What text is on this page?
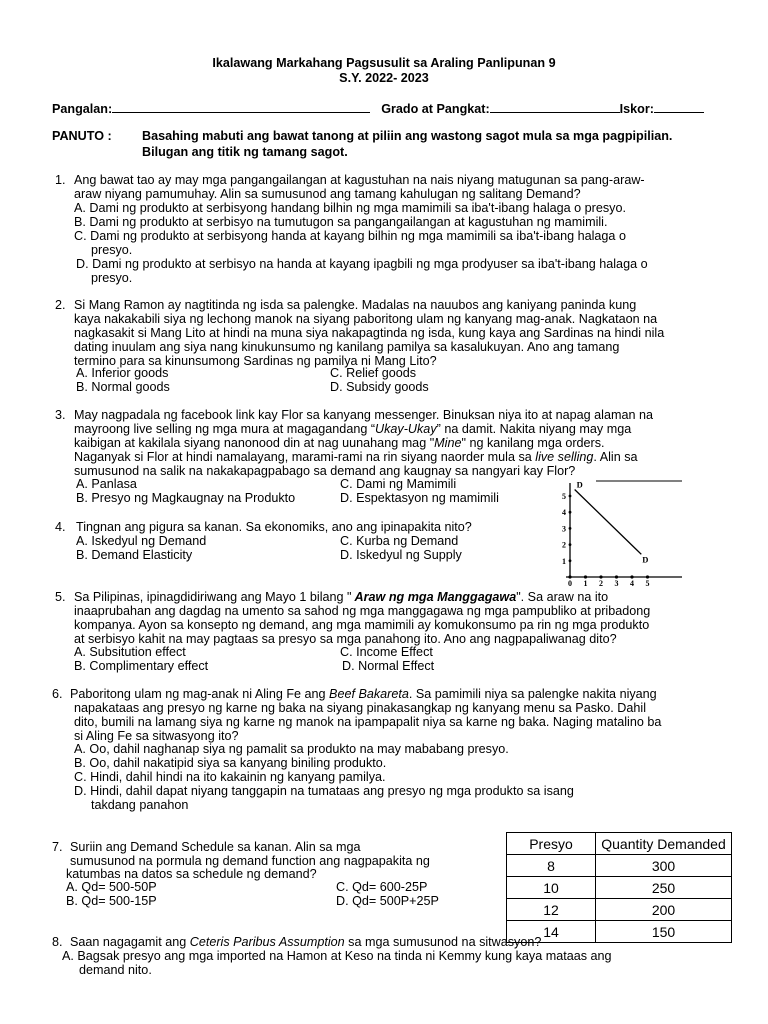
Ikalawang Markahang Pagsusulit sa Araling Panlipunan 9
S.Y. 2022- 2023
Pangalan:	Grado at Pangkat:	Iskor:
PANUTO : Basahing mabuti ang bawat tanong at piliin ang wastong sagot mula sa mga pagpipilian.
Bilugan ang titik ng tamang sagot.
1. Ang bawat tao ay may mga pangangailangan at kagustuhan na nais niyang matugunan sa pang-araw-
araw niyang pamumuhay. Alin sa sumusunod ang tamang kahulugan ng salitang Demand?
A. Dami ng produkto at serbisyong handang bilhin ng mga mamimili sa iba't-ibang halaga o presyo.
B. Dami ng produkto at serbisyo na tumutugon sa pangangailangan at kagustuhan ng mamimili.
C. Dami ng produkto at serbisyong handa at kayang bilhin ng mga mamimili sa iba't-ibang halaga o
presyo.
D. Dami ng produkto at serbisyo na handa at kayang ipagbili ng mga prodyuser sa iba't-ibang halaga o
presyo.
2. Si Mang Ramon ay nagtitinda ng isda sa palengke. Madalas na nauubos ang kaniyang paninda kung
kaya nakakabili siya ng lechong manok na siyang paboritong ulam ng kanyang mag-anak. Nagkataon na
nagkasakit si Mang Lito at hindi na muna siya nakapagtinda ng isda, kung kaya ang Sardinas na hindi nila
dating inuulam ang siya nang kinukunsumo ng kanilang pamilya sa kasalukuyan. Ano ang tamang
termino para sa kinunsumong Sardinas ng pamilya ni Mang Lito?
A. Inferior goods	C. Relief goods
B. Normal goods	D. Subsidy goods
3. May nagpadala ng facebook link kay Flor sa kanyang messenger. Binuksan niya ito at napag alaman na
mayroong live selling ng mga mura at magagandang “Ukay-Ukay” na damit. Nakita niyang may mga
kaibigan at kakilala siyang nanonood din at nag uunahang mag "Mine" ng kanilang mga orders.
Naganyak si Flor at hindi namalayang, marami-rami na rin siyang naorder mula sa live selling. Alin sa
sumusunod na salik na nakakapagpabago sa demand ang kaugnay sa nangyari kay Flor?
A. Panlasa	C. Dami ng Mamimili
B. Presyo ng Magkaugnay na Produkto	D. Espektasyon ng mamimili
1
2
3
4
5
0 1 2 3 4 5
D
D
4. Tingnan ang pigura sa kanan. Sa ekonomiks, ano ang ipinapakita nito?
A. Iskedyul ng Demand	C. Kurba ng Demand
B. Demand Elasticity	D. Iskedyul ng Supply
5. Sa Pilipinas, ipinagdidiriwang ang Mayo 1 bilang " Araw ng mga Manggagawa". Sa araw na ito
inaaprubahan ang dagdag na umento sa sahod ng mga manggagawa ng mga pampubliko at pribadong
kompanya. Ayon sa konsepto ng demand, ang mga mamimili ay komukonsumo pa rin ng mga produkto
at serbisyo kahit na may pagtaas sa presyo sa mga panahong ito. Ano ang nagpapaliwanag dito?
A. Subsitution effect	C. Income Effect
B. Complimentary effect	D. Normal Effect
6. Paboritong ulam ng mag-anak ni Aling Fe ang Beef Bakareta. Sa pamimili niya sa palengke nakita niyang
napakataas ang presyo ng karne ng baka na siyang pinakasangkap ng kanyang menu sa Pasko. Dahil
dito, bumili na lamang siya ng karne ng manok na ipampapalit niya sa karne ng baka. Naging matalino ba
si Aling Fe sa sitwasyong ito?
A. Oo, dahil naghanap siya ng pamalit sa produkto na may mababang presyo.
B. Oo, dahil nakatipid siya sa kanyang biniling produkto.
C. Hindi, dahil hindi na ito kakainin ng kanyang pamilya.
D. Hindi, dahil dapat niyang tanggapin na tumataas ang presyo ng mga produkto sa isang
takdang panahon
7. Suriin ang Demand Schedule sa kanan. Alin sa mga
sumusunod na pormula ng demand function ang nagpapakita ng
katumbas na datos sa schedule ng demand?
A. Qd= 500-50P	C. Qd= 600-25P
B. Qd= 500-15P	D. Qd= 500P+25P
Presyo	Quantity Demanded
8	300
10	250
12	200
14	150
8. Saan nagagamit ang Ceteris Paribus Assumption sa mga sumusunod na sitwasyon?
A. Bagsak presyo ang mga imported na Hamon at Keso na tinda ni Kemmy kung kaya mataas ang
demand nito.
